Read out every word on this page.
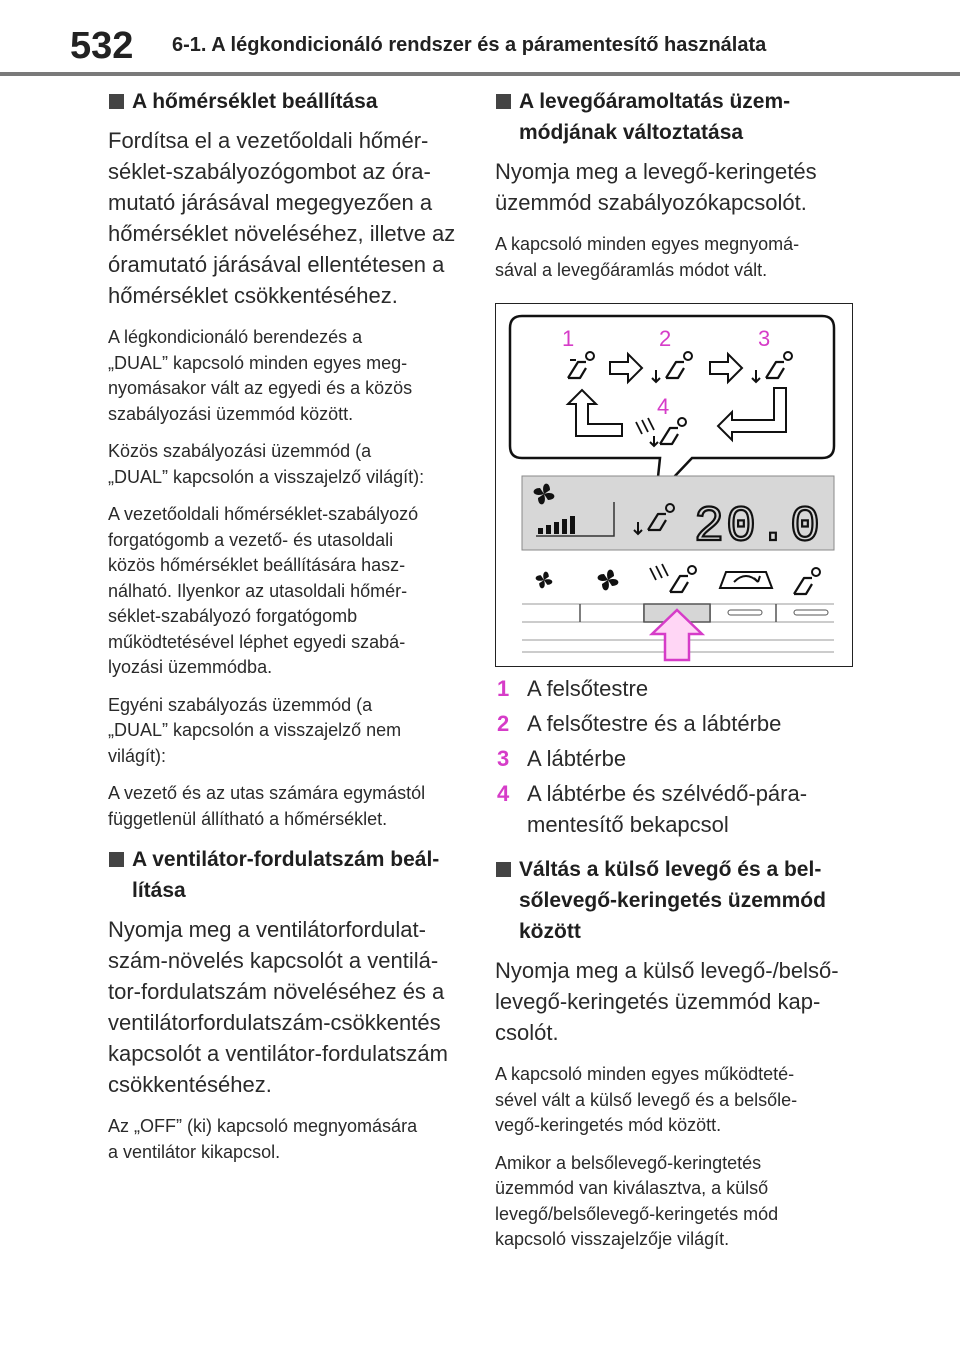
532 6-1. A légkondicionáló rendszer és a páramentesítő használata
A hőmérséklet beállítása

Fordítsa el a vezetőoldali hőmér-
séklet-szabályozógombot az óra-
mutató járásával megegyezően a
hőmérséklet növeléséhez, illetve az
óramutató járásával ellentétesen a
hőmérséklet csökkentéséhez.

A légkondicionáló berendezés a
„DUAL” kapcsoló minden egyes meg-
nyomásakor vált az egyedi és a közös
szabályozási üzemmód között.

Közös szabályozási üzemmód (a
„DUAL” kapcsolón a visszajelző világít):

A vezetőoldali hőmérséklet-szabályozó
forgatógomb a vezető- és utasoldali
közös hőmérséklet beállítására hasz-
nálható. Ilyenkor az utasoldali hőmér-
séklet-szabályozó forgatógomb
működtetésével léphet egyedi szabá-
lyozási üzemmódba.

Egyéni szabályozás üzemmód (a
„DUAL” kapcsolón a visszajelző nem
világít):

A vezető és az utas számára egymástól
függetlenül állítható a hőmérséklet.

A ventilátor-fordulatszám beál-
lítása

Nyomja meg a ventilátorfordulat-
szám-növelés kapcsolót a ventilá-
tor-fordulatszám növeléséhez és a
ventilátorfordulatszám-csökkentés
kapcsolót a ventilátor-fordulatszám
csökkentéséhez.

Az „OFF” (ki) kapcsoló megnyomására
a ventilátor kikapcsol.

A levegőáramoltatás üzem-
módjának változtatása

Nyomja meg a levegő-keringetés
üzemmód szabályozókapcsolót.

A kapcsoló minden egyes megnyomá-
sával a levegőáramlás módot vált.

1	2	3
4
20.0
1 A felsőtestre
2 A felsőtestre és a lábtérbe
3 A lábtérbe
4 A lábtérbe és szélvédő-pára-
mentesítő bekapcsol
Váltás a külső levegő és a bel-
sőlevegő-keringetés üzemmód
között

Nyomja meg a külső levegő-/belső-
levegő-keringetés üzemmód kap-
csolót.

A kapcsoló minden egyes működteté-
sével vált a külső levegő és a belsőle-
vegő-keringetés mód között.

Amikor a belsőlevegő-keringtetés
üzemmód van kiválasztva, a külső
levegő/belsőlevegő-keringetés mód
kapcsoló visszajelzője világít.
